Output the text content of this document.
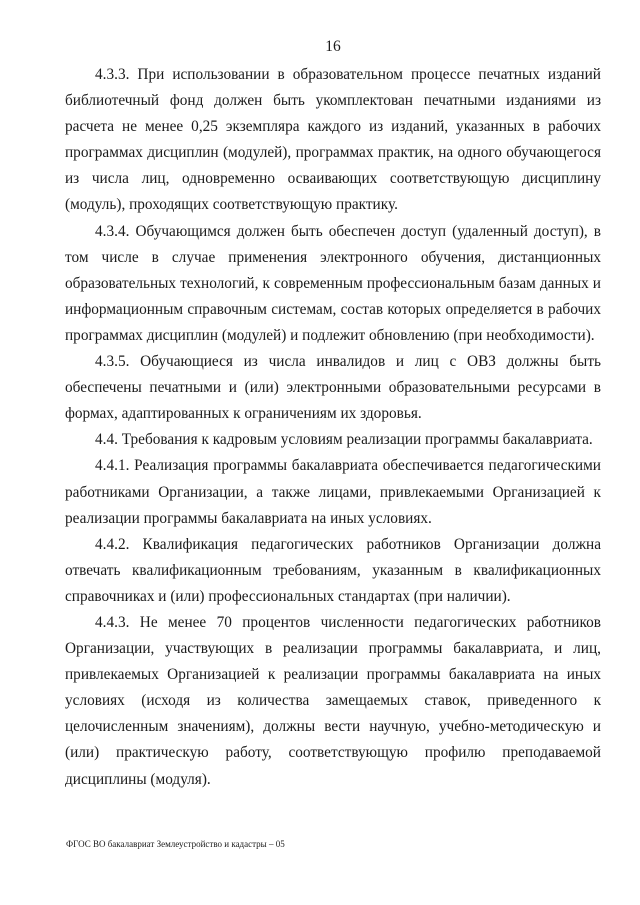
16

4.3.3. При использовании в образовательном процессе печатных изданий библиотечный фонд должен быть укомплектован печатными изданиями из расчета не менее 0,25 экземпляра каждого из изданий, указанных в рабочих программах дисциплин (модулей), программах практик, на одного обучающегося из числа лиц, одновременно осваивающих соответствующую дисциплину (модуль), проходящих соответствующую практику.

4.3.4. Обучающимся должен быть обеспечен доступ (удаленный доступ), в том числе в случае применения электронного обучения, дистанционных образовательных технологий, к современным профессиональным базам данных и информационным справочным системам, состав которых определяется в рабочих программах дисциплин (модулей) и подлежит обновлению (при необходимости).

4.3.5. Обучающиеся из числа инвалидов и лиц с ОВЗ должны быть обеспечены печатными и (или) электронными образовательными ресурсами в формах, адаптированных к ограничениям их здоровья.

4.4. Требования к кадровым условиям реализации программы бакалавриата.

4.4.1. Реализация программы бакалавриата обеспечивается педагогическими работниками Организации, а также лицами, привлекаемыми Организацией к реализации программы бакалавриата на иных условиях.

4.4.2. Квалификация педагогических работников Организации должна отвечать квалификационным требованиям, указанным в квалификационных справочниках и (или) профессиональных стандартах (при наличии).

4.4.3. Не менее 70 процентов численности педагогических работников Организации, участвующих в реализации программы бакалавриата, и лиц, привлекаемых Организацией к реализации программы бакалавриата на иных условиях (исходя из количества замещаемых ставок, приведенного к целочисленным значениям), должны вести научную, учебно-методическую и (или) практическую работу, соответствующую профилю преподаваемой дисциплины (модуля).

ФГОС ВО бакалавриат Землеустройство и кадастры – 05
